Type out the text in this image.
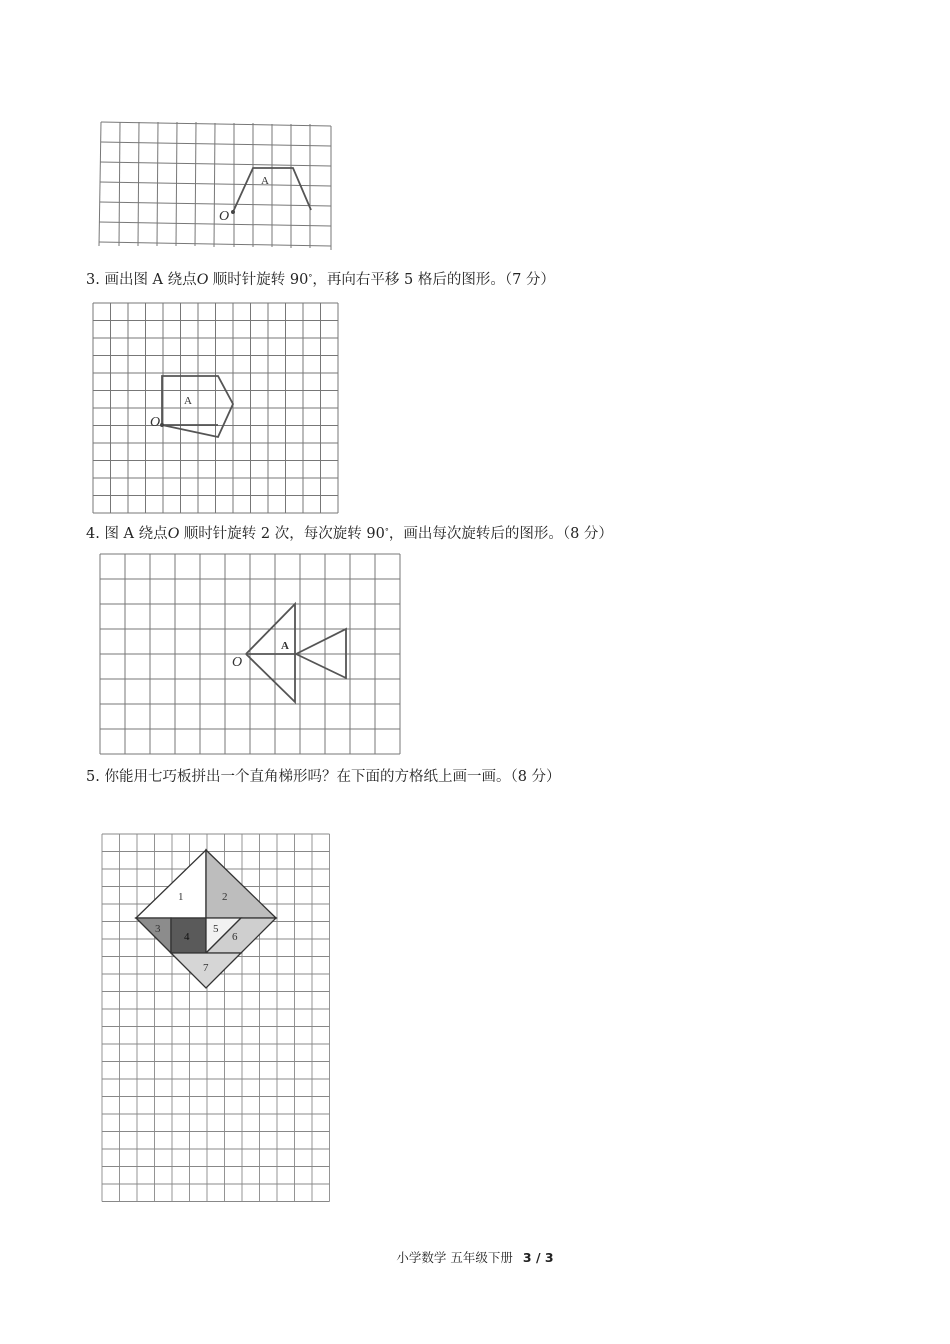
A
O
3. 画出图 A 绕点O 顺时针旋转 90°，再向右平移 5 格后的图形。（7 分）
A
O
4. 图 A 绕点O 顺时针旋转 2 次，每次旋转 90°，画出每次旋转后的图形。（8 分）
A
O
5. 你能用七巧板拼出一个直角梯形吗？在下面的方格纸上画一画。（8 分）
1	2
3
4
5
6
7
小学数学 五年级下册 3 / 3
